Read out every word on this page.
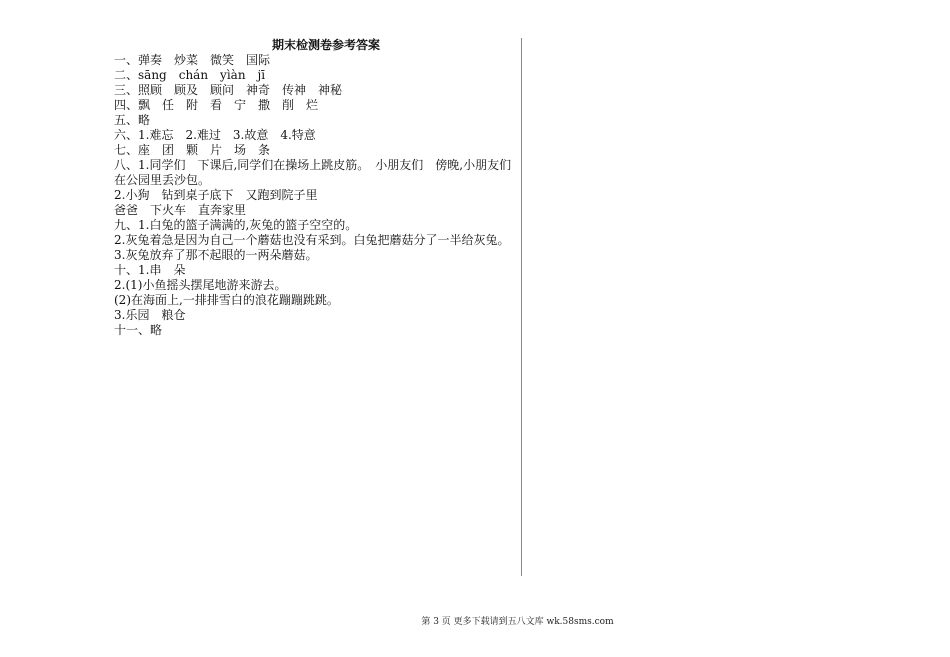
期末检测卷参考答案
一、弹奏　炒菜　微笑　国际
二、sāng　chán　yìàn　jī
三、照顾　顾及　顾问　神奇　传神　神秘
四、飘　任　附　看　宁　撒　削　烂
五、略
六、1.难忘　2.难过　3.故意　4.特意
七、座　团　颗　片　场　条
八、1.同学们　下课后,同学们在操场上跳皮筋。　小朋友们　傍晚,小朋友们在公园里丢沙包。
2.小狗　钻到桌子底下　又跑到院子里
爸爸　下火车　直奔家里
九、1.白兔的篮子满满的,灰兔的篮子空空的。
2.灰兔着急是因为自己一个蘑菇也没有采到。白兔把蘑菇分了一半给灰兔。
3.灰兔放弃了那不起眼的一两朵蘑菇。
十、1.串　朵
2.(1)小鱼摇头摆尾地游来游去。
(2)在海面上,一排排雪白的浪花蹦蹦跳跳。
3.乐园　粮仓
十一、略
第 3 页 更多下载请到五八文库 wk.58sms.com
